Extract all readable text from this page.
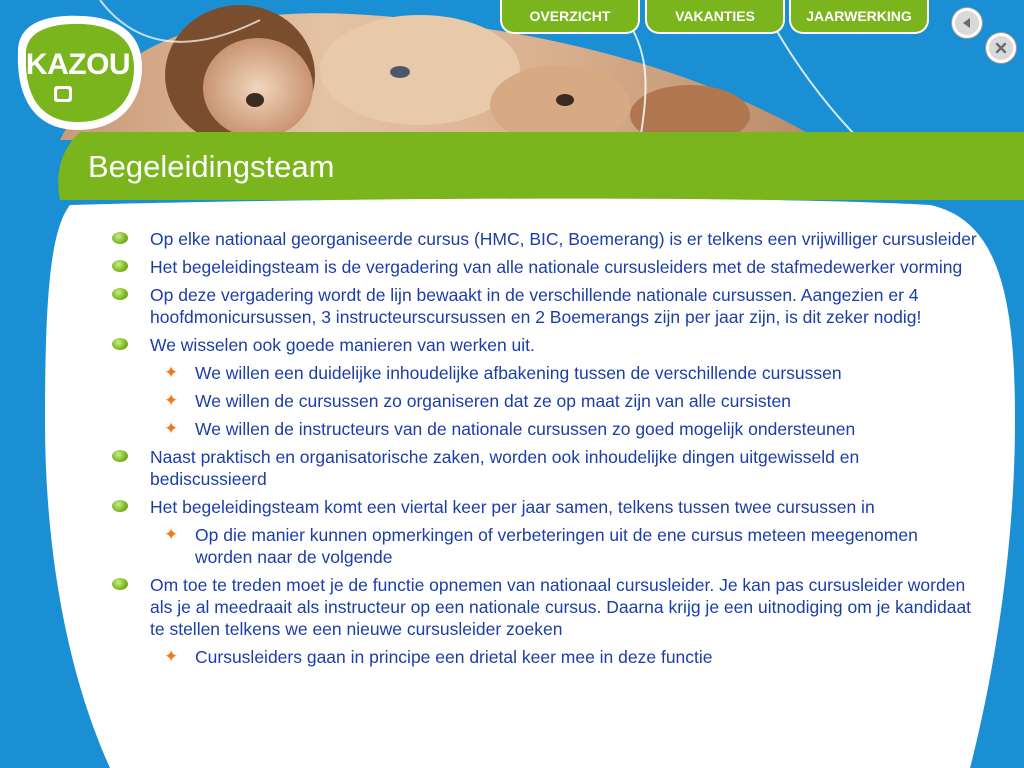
KAZOU
OVERZICHT	VAKANTIES	JAARWERKING
Begeleidingsteam
Op elke nationaal georganiseerde cursus (HMC, BIC, Boemerang) is er telkens een vrijwilliger cursusleider
Het begeleidingsteam is de vergadering van alle nationale cursusleiders met de stafmedewerker vorming
Op deze vergadering wordt de lijn bewaakt in de verschillende nationale cursussen. Aangezien er 4 hoofdmonicursussen, 3 instructeurscursussen en 2 Boemerangs zijn per jaar zijn, is dit zeker nodig!
We wisselen ook goede manieren van werken uit.
✦ We willen een duidelijke inhoudelijke afbakening tussen de verschillende cursussen
✦ We willen de cursussen zo organiseren dat ze op maat zijn van alle cursisten
✦ We willen de instructeurs van de nationale cursussen zo goed mogelijk ondersteunen
Naast praktisch en organisatorische zaken, worden ook inhoudelijke dingen uitgewisseld en bediscussieerd
Het begeleidingsteam komt een viertal keer per jaar samen, telkens tussen twee cursussen in
✦ Op die manier kunnen opmerkingen of verbeteringen uit de ene cursus meteen meegenomen worden naar de volgende
Om toe te treden moet je de functie opnemen van nationaal cursusleider. Je kan pas cursusleider worden als je al meedraait als instructeur op een nationale cursus. Daarna krijg je een uitnodiging om je kandidaat te stellen telkens we een nieuwe cursusleider zoeken
✦ Cursusleiders gaan in principe een drietal keer mee in deze functie
